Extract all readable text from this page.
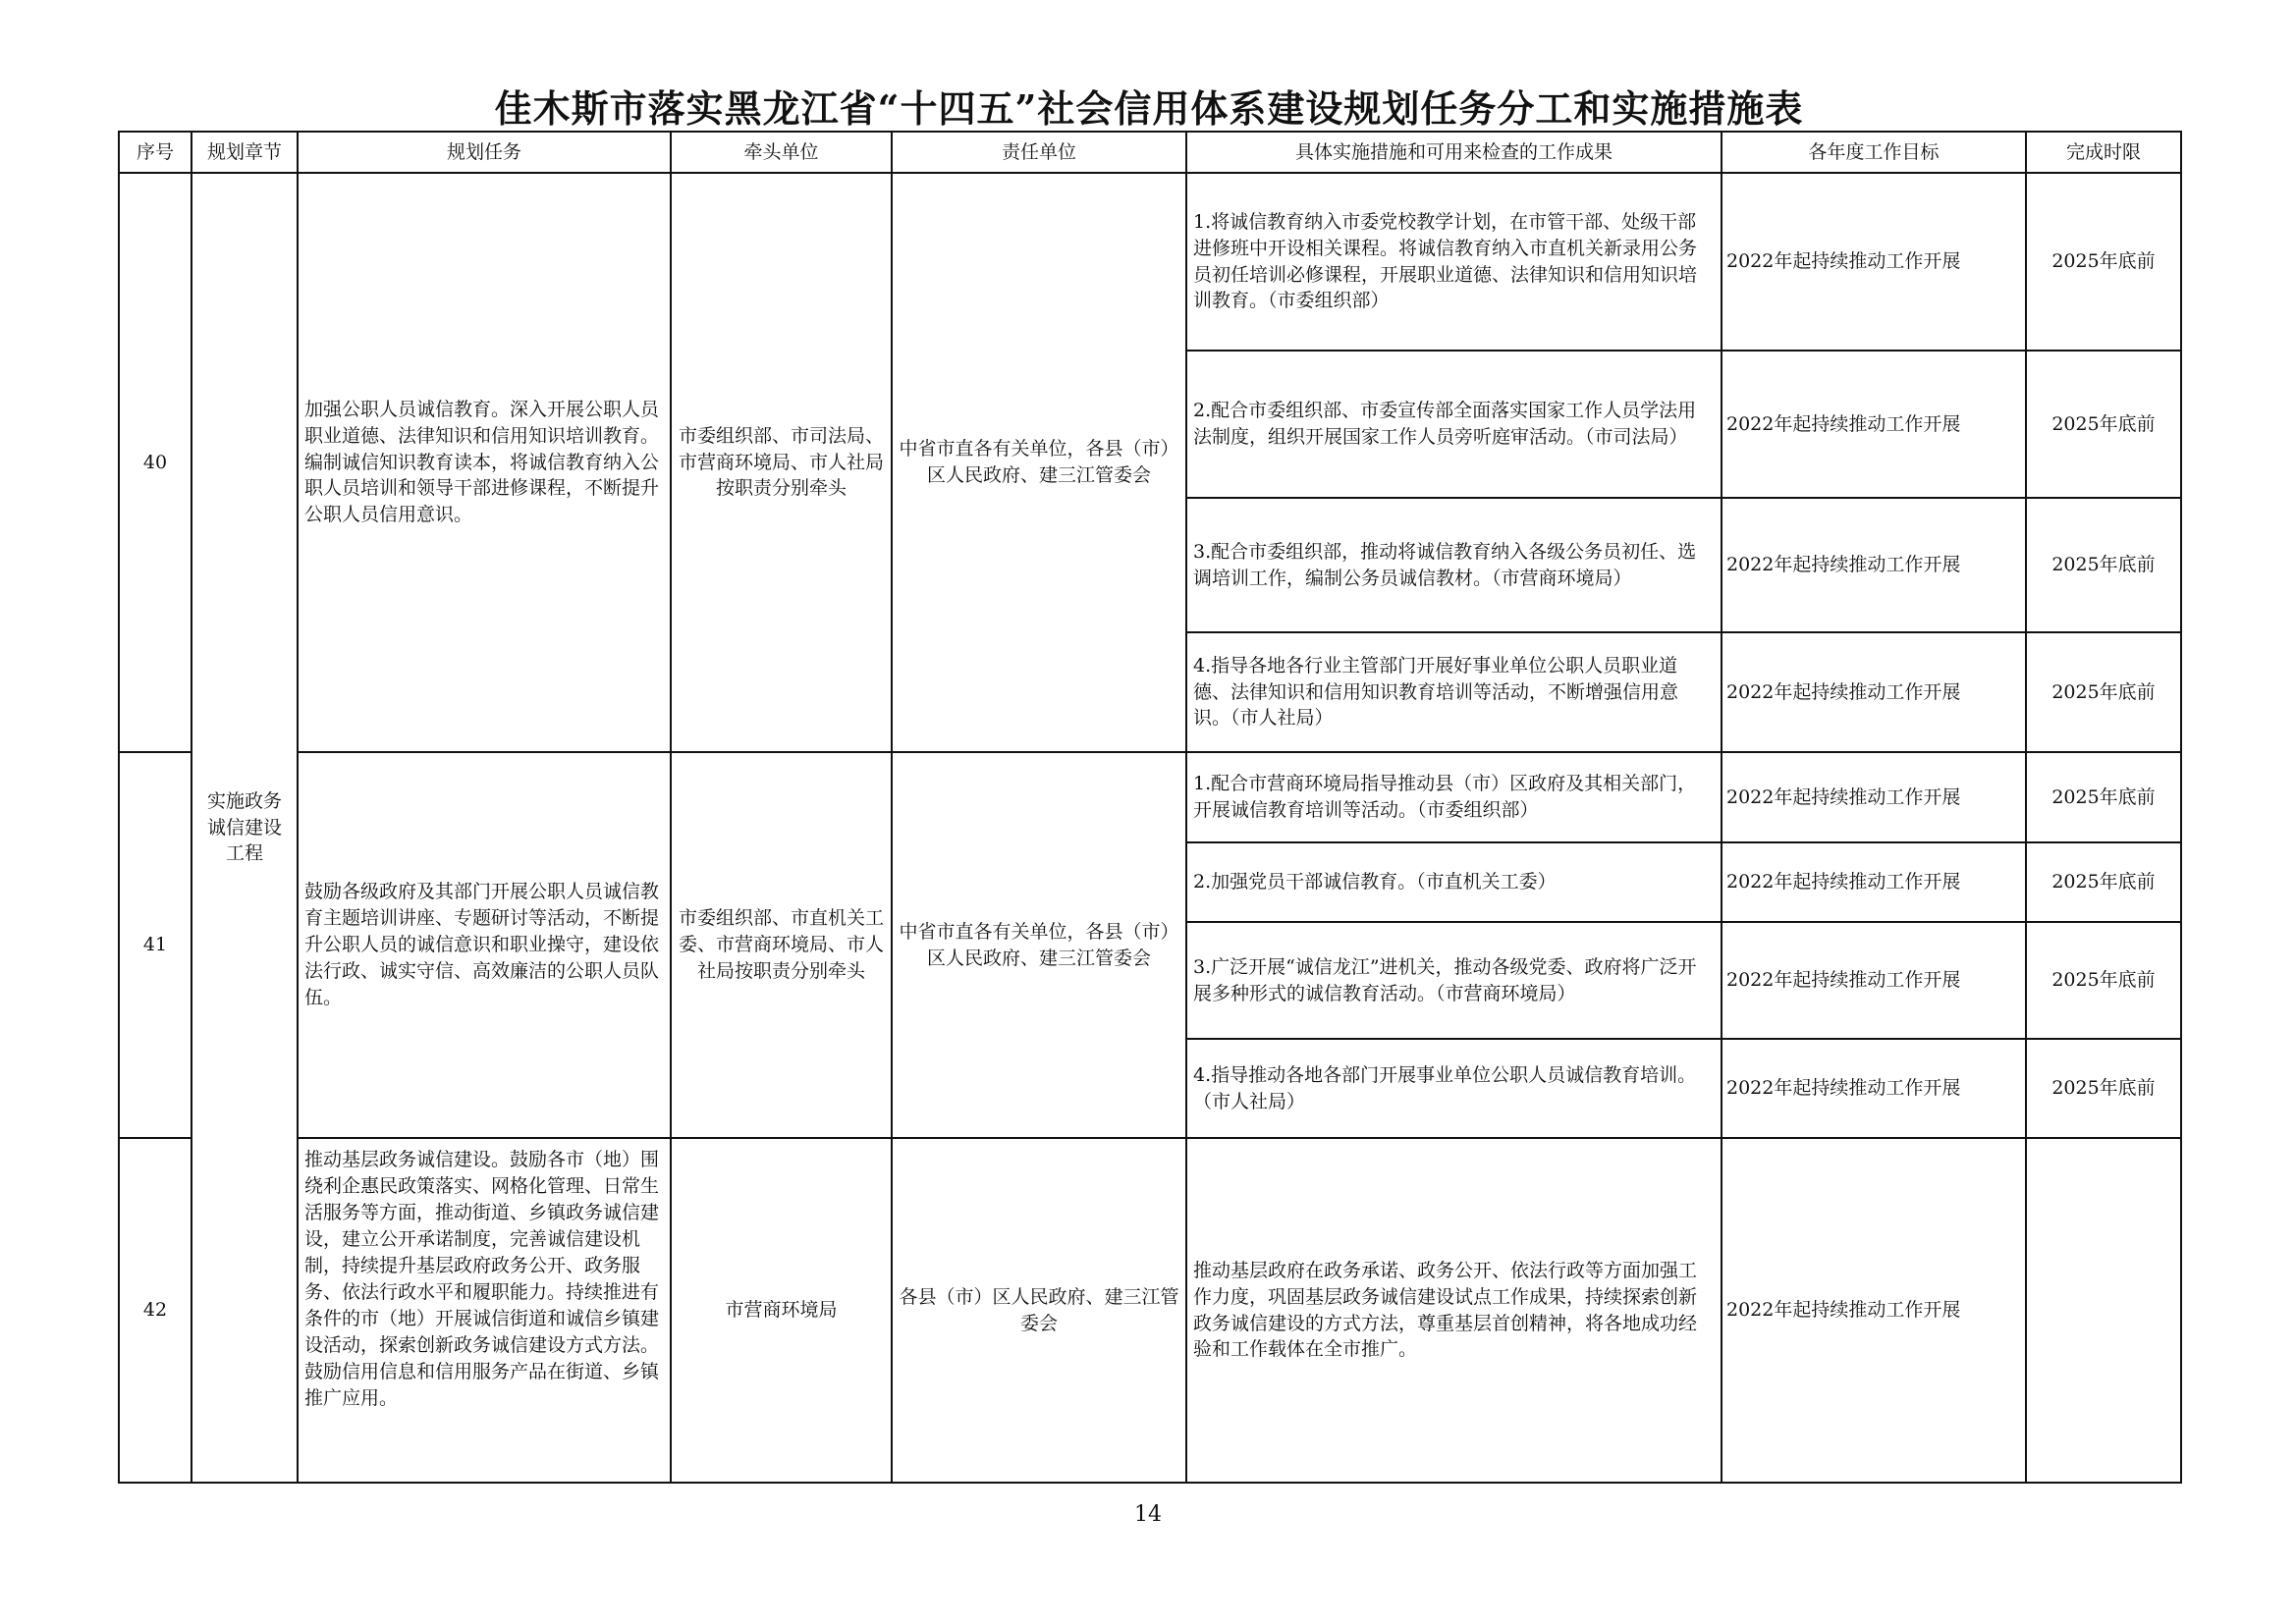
佳木斯市落实黑龙江省“十四五”社会信用体系建设规划任务分工和实施措施表
序号	规划章节	规划任务	牵头单位	责任单位	具体实施措施和可用来检查的工作成果	各年度工作目标	完成时限
40	实施政务诚信建设工程	加强公职人员诚信教育。深入开展公职人员职业道德、法律知识和信用知识培训教育。编制诚信知识教育读本，将诚信教育纳入公职人员培训和领导干部进修课程，不断提升公职人员信用意识。	市委组织部、市司法局、市营商环境局、市人社局按职责分别牵头	中省市直各有关单位，各县（市）区人民政府、建三江管委会	1.将诚信教育纳入市委党校教学计划，在市管干部、处级干部进修班中开设相关课程。将诚信教育纳入市直机关新录用公务员初任培训必修课程，开展职业道德、法律知识和信用知识培训教育。（市委组织部）	2022年起持续推动工作开展	2025年底前
					2.配合市委组织部、市委宣传部全面落实国家工作人员学法用法制度，组织开展国家工作人员旁听庭审活动。（市司法局）	2022年起持续推动工作开展	2025年底前
					3.配合市委组织部，推动将诚信教育纳入各级公务员初任、选调培训工作，编制公务员诚信教材。（市营商环境局）	2022年起持续推动工作开展	2025年底前
					4.指导各地各行业主管部门开展好事业单位公职人员职业道德、法律知识和信用知识教育培训等活动，不断增强信用意识。（市人社局）	2022年起持续推动工作开展	2025年底前
41		鼓励各级政府及其部门开展公职人员诚信教育主题培训讲座、专题研讨等活动，不断提升公职人员的诚信意识和职业操守，建设依法行政、诚实守信、高效廉洁的公职人员队伍。	市委组织部、市直机关工委、市营商环境局、市人社局按职责分别牵头	中省市直各有关单位，各县（市）区人民政府、建三江管委会	1.配合市营商环境局指导推动县（市）区政府及其相关部门，开展诚信教育培训等活动。（市委组织部）	2022年起持续推动工作开展	2025年底前
					2.加强党员干部诚信教育。（市直机关工委）	2022年起持续推动工作开展	2025年底前
					3.广泛开展“诚信龙江”进机关，推动各级党委、政府将广泛开展多种形式的诚信教育活动。（市营商环境局）	2022年起持续推动工作开展	2025年底前
					4.指导推动各地各部门开展事业单位公职人员诚信教育培训。（市人社局）	2022年起持续推动工作开展	2025年底前
42		推动基层政务诚信建设。鼓励各市（地）围绕利企惠民政策落实、网格化管理、日常生活服务等方面，推动街道、乡镇政务诚信建设，建立公开承诺制度，完善诚信建设机制，持续提升基层政府政务公开、政务服务、依法行政水平和履职能力。持续推进有条件的市（地）开展诚信街道和诚信乡镇建设活动，探索创新政务诚信建设方式方法。鼓励信用信息和信用服务产品在街道、乡镇推广应用。	市营商环境局	各县（市）区人民政府、建三江管委会	推动基层政府在政务承诺、政务公开、依法行政等方面加强工作力度，巩固基层政务诚信建设试点工作成果，持续探索创新政务诚信建设的方式方法，尊重基层首创精神，将各地成功经验和工作载体在全市推广。	2022年起持续推动工作开展	
14
